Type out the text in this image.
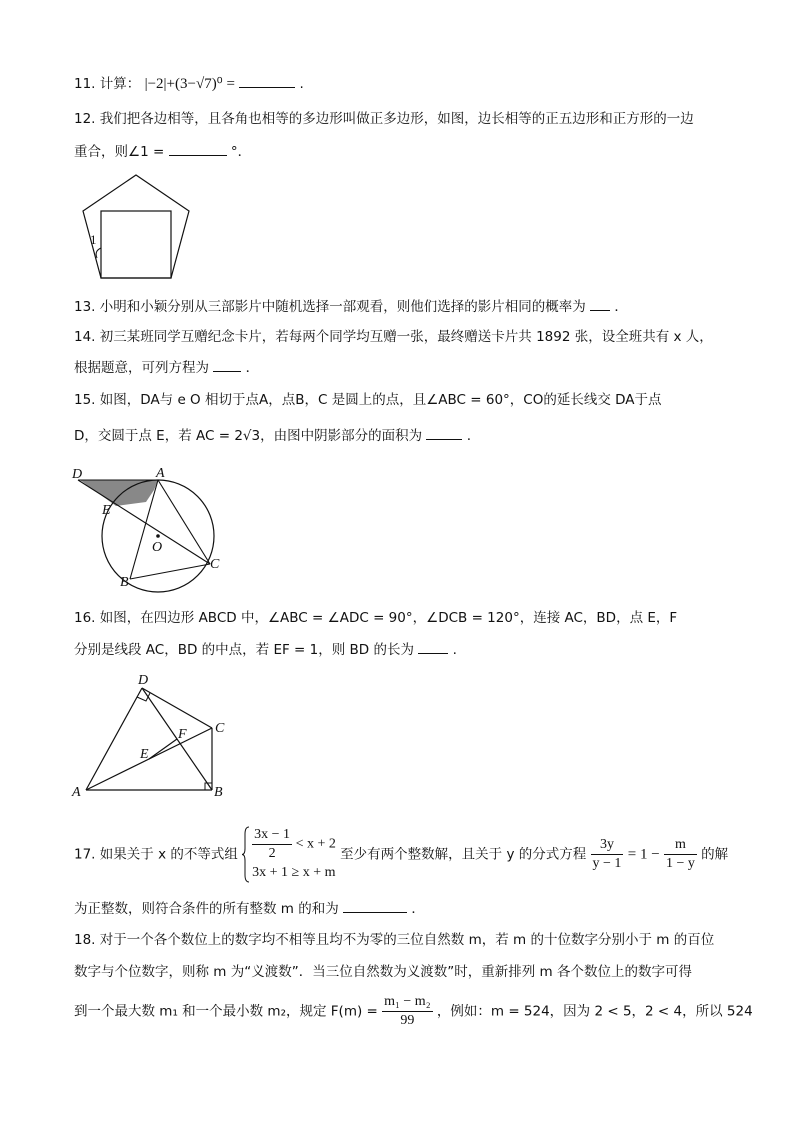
11. 计算： |−2|+(3−√7)⁰ =	.
12. 我们把各边相等，且各角也相等的多边形叫做正多边形，如图，边长相等的正五边形和正方形的一边
重合，则∠1 =	°．
1
13. 小明和小颖分别从三部影片中随机选择一部观看，则他们选择的影片相同的概率为 ．
14. 初三某班同学互赠纪念卡片，若每两个同学均互赠一张，最终赠送卡片共 1892 张，设全班共有 x 人，
根据题意，可列方程为	．
15. 如图，DA与 e O 相切于点A，点B，C 是圆上的点，且∠ABC = 60°，CO的延长线交 DA于点
D，交圆于点 E，若 AC = 2√3，由图中阴影部分的面积为	.
D	A
E
O
C
B
16. 如图，在四边形 ABCD 中，∠ABC = ∠ADC = 90°，∠DCB = 120°，连接 AC，BD，点 E，F
分别是线段 AC，BD 的中点，若 EF = 1，则 BD 的长为	.
D
C
F
E
A	B
17. 如果关于 x 的不等式组 $\frac{3x - 1}{2} < x + 2$
3x + 1 ≥ x + m
至少有两个整数解，且关于 y 的分式方程 $\frac{3y}{y - 1} = 1 - \frac{m}{1 - y}$ 的解
为正整数，则符合条件的所有整数 m 的和为	．
18. 对于一个各个数位上的数字均不相等且均不为零的三位自然数 m，若 m 的十位数字分别小于 m 的百位
数字与个位数字，则称 m 为“义渡数”．当三位自然数为义渡数”时，重新排列 m 各个数位上的数字可得
到一个最大数 m₁ 和一个最小数 m₂，规定 $F(m) = \frac{\text{m₁ − m₂}}{99}$ ，例如：m = 524，因为 2 < 5，2 < 4，所以 524
